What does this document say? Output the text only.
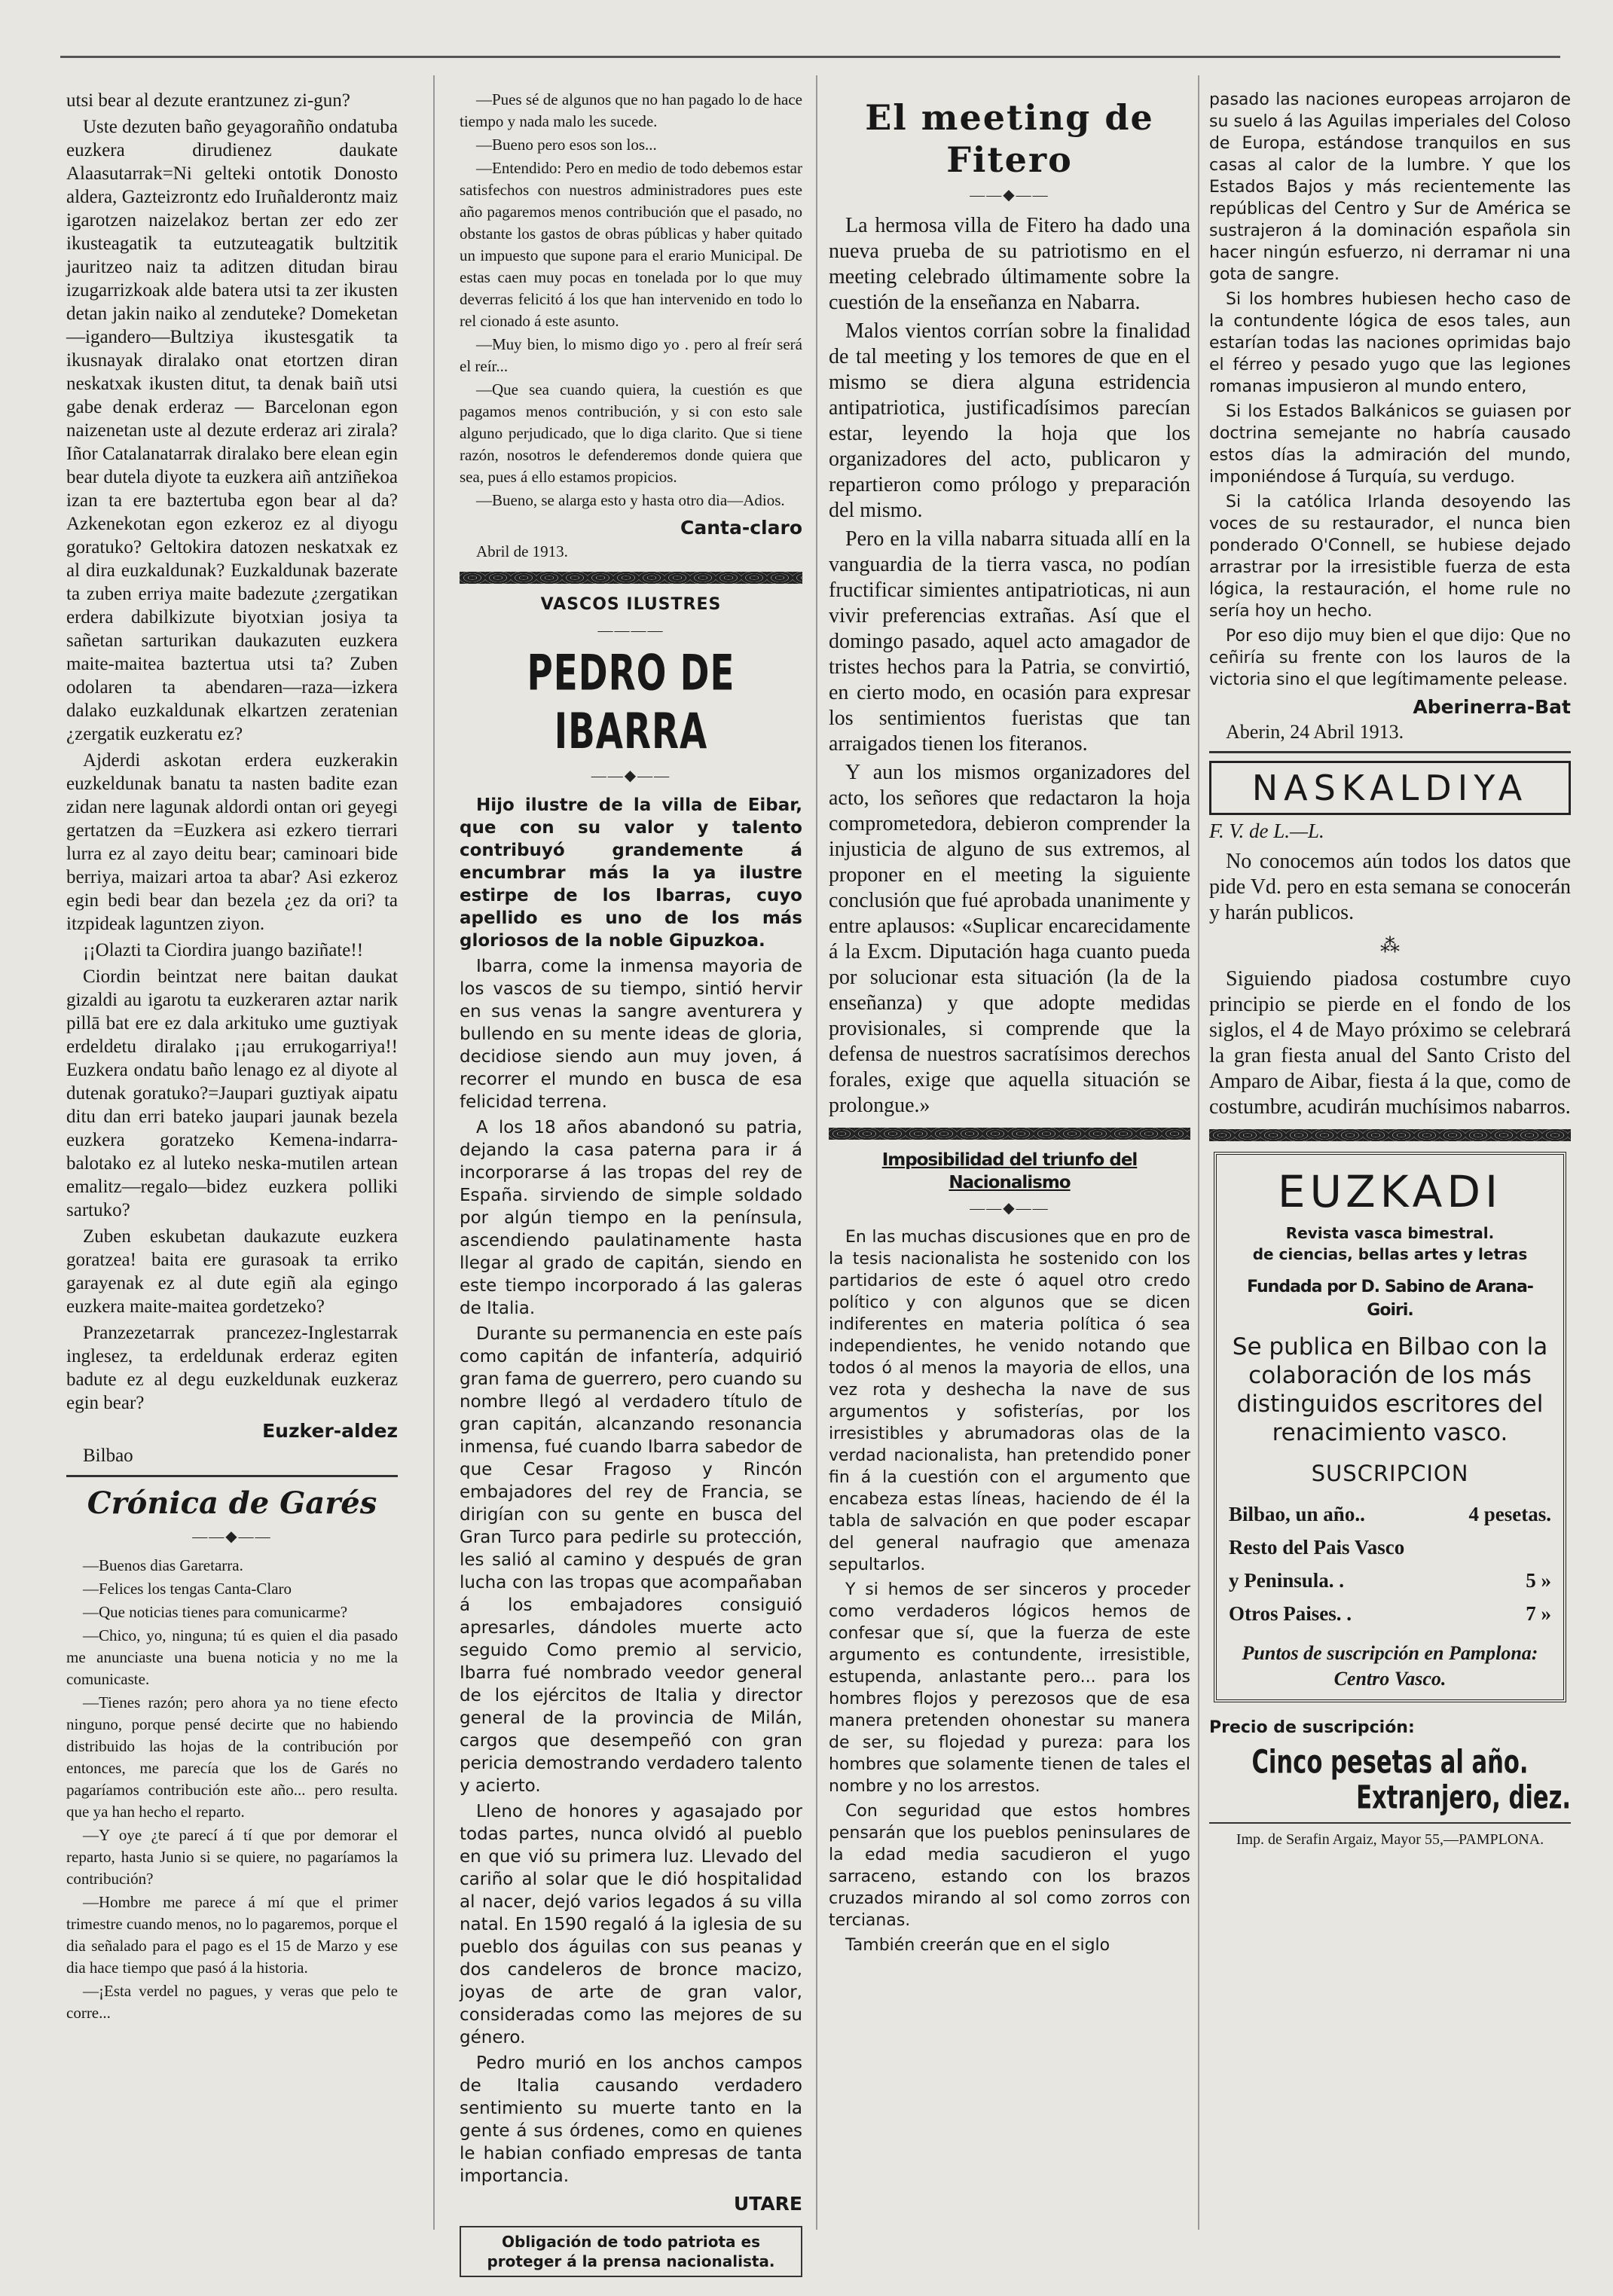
utsi bear al dezute erantzunez zi-gun?

Uste dezuten baño geyagorañño ondatuba euzkera dirudienez daukate Alaasutarrak=Ni gelteki ontotik Donosto aldera, Gazteizrontz edo Iruñalderontz maiz igarotzen naizelakoz bertan zer edo zer ikusteagatik ta eutzuteagatik bultzitik jauritzeo naiz ta aditzen ditudan birau izugarrizkoak alde batera utsi ta zer ikusten detan jakin naiko al zenduteke? Domeketan—igandero—Bultziya ikustesgatik ta ikusnayak diralako onat etortzen diran neskatxak ikusten ditut, ta denak baiñ utsi gabe denak erderaz — Barcelonan egon naizenetan uste al dezute erderaz ari zirala? Iñor Catalanatarrak diralako bere elean egin bear dutela diyote ta euzkera aiñ antziñekoa izan ta ere baztertuba egon bear al da? Azkenekotan egon ezkeroz ez al diyogu goratuko? Geltokira datozen neskatxak ez al dira euzkaldunak? Euzkaldunak bazerate ta zuben erriya maite badezute ¿zergatikan erdera dabilkizute biyotxian josiya ta sañetan sarturikan daukazuten euzkera maite-maitea baztertua utsi ta? Zuben odolaren ta abendaren—raza—izkera dalako euzkaldunak elkartzen zeratenian ¿zergatik euzkeratu ez?

Ajderdi askotan erdera euzkerakin euzkeldunak banatu ta nasten badite ezan zidan nere lagunak aldordi ontan ori geyegi gertatzen da =Euzkera asi ezkero tierrari lurra ez al zayo deitu bear; caminoari bide berriya, maizari artoa ta abar? Asi ezkeroz egin bedi bear dan bezela ¿ez da ori? ta itzpideak laguntzen ziyon.

¡¡Olazti ta Ciordira juango baziñate!!

Ciordin beintzat nere baitan daukat gizaldi au igarotu ta euzkeraren aztar narik pillā bat ere ez dala arkituko ume guztiyak erdeldetu diralako ¡¡au errukogarriya!! Euzkera ondatu baño lenago ez al diyote al dutenak goratuko?=Jaupari guztiyak aipatu ditu dan erri bateko jaupari jaunak bezela euzkera goratzeko Kemena-indarra-balotako ez al luteko neska-mutilen artean emalitz—regalo—bidez euzkera polliki sartuko?

Zuben eskubetan daukazute euzkera goratzea! baita ere gurasoak ta erriko garayenak ez al dute egiñ ala egingo euzkera maite-maitea gordetzeko?

Pranzezetarrak prancezez-Inglestarrak inglesez, ta erdeldunak erderaz egiten badute ez al degu euzkeldunak euzkeraz egin bear?

Euzker-aldez
Bilbao
Crónica de Garés
——◆——

—Buenos dias Garetarra.

—Felices los tengas Canta-Claro

—Que noticias tienes para comunicarme?

—Chico, yo, ninguna; tú es quien el dia pasado me anunciaste una buena noticia y no me la comunicaste.

—Tienes razón; pero ahora ya no tiene efecto ninguno, porque pensé decirte que no habiendo distribuido las hojas de la contribución por entonces, me parecía que los de Garés no pagaríamos contribución este año... pero resulta. que ya han hecho el reparto.

—Y oye ¿te parecí á tí que por demorar el reparto, hasta Junio si se quiere, no pagaríamos la contribución?

—Hombre me parece á mí que el primer trimestre cuando menos, no lo pagaremos, porque el dia señalado para el pago es el 15 de Marzo y ese dia hace tiempo que pasó á la historia.

—¡Esta verdel no pagues, y veras que pelo te corre...

—Pues sé de algunos que no han pagado lo de hace tiempo y nada malo les sucede.

—Bueno pero esos son los...

—Entendido: Pero en medio de todo debemos estar satisfechos con nuestros administradores pues este año pagaremos menos contribución que el pasado, no obstante los gastos de obras públicas y haber quitado un impuesto que supone para el erario Municipal. De estas caen muy pocas en tonelada por lo que muy deverras felicitó á los que han intervenido en todo lo rel cionado á este asunto.

—Muy bien, lo mismo digo yo . pero al freír será el reír...

—Que sea cuando quiera, la cuestión es que pagamos menos contribución, y si con esto sale alguno perjudicado, que lo diga clarito. Que si tiene razón, nosotros le defenderemos donde quiera que sea, pues á ello estamos propicios.

—Bueno, se alarga esto y hasta otro dia—Adios.

Canta-claro
Abril de 1913.
VASCOS ILUSTRES
————
PEDRO DE IBARRA
——◆——

Hijo ilustre de la villa de Eibar, que con su valor y talento contribuyó grandemente á encumbrar más la ya ilustre estirpe de los Ibarras, cuyo apellido es uno de los más gloriosos de la noble Gipuzkoa.

Ibarra, come la inmensa mayoria de los vascos de su tiempo, sintió hervir en sus venas la sangre aventurera y bullendo en su mente ideas de gloria, decidiose siendo aun muy joven, á recorrer el mundo en busca de esa felicidad terrena.

A los 18 años abandonó su patria, dejando la casa paterna para ir á incorporarse á las tropas del rey de España. sirviendo de simple soldado por algún tiempo en la península, ascendiendo paulatinamente hasta llegar al grado de capitán, siendo en este tiempo incorporado á las galeras de Italia.

Durante su permanencia en este país como capitán de infantería, adquirió gran fama de guerrero, pero cuando su nombre llegó al verdadero título de gran capitán, alcanzando resonancia inmensa, fué cuando Ibarra sabedor de que Cesar Fragoso y Rincón embajadores del rey de Francia, se dirigían con su gente en busca del Gran Turco para pedirle su protección, les salió al camino y después de gran lucha con las tropas que acompañaban á los embajadores consiguió apresarles, dándoles muerte acto seguido Como premio al servicio, Ibarra fué nombrado veedor general de los ejércitos de Italia y director general de la provincia de Milán, cargos que desempeñó con gran pericia demostrando verdadero talento y acierto.

Lleno de honores y agasajado por todas partes, nunca olvidó al pueblo en que vió su primera luz. Llevado del cariño al solar que le dió hospitalidad al nacer, dejó varios legados á su villa natal. En 1590 regaló á la iglesia de su pueblo dos águilas con sus peanas y dos candeleros de bronce macizo, joyas de arte de gran valor, consideradas como las mejores de su género.

Pedro murió en los anchos campos de Italia causando verdadero sentimiento su muerte tanto en la gente á sus órdenes, como en quienes le habian confiado empresas de tanta importancia.

UTARE
Obligación de todo patriota es proteger á la prensa nacionalista.
El meeting de Fitero
——◆——

La hermosa villa de Fitero ha dado una nueva prueba de su patriotismo en el meeting celebrado últimamente sobre la cuestión de la enseñanza en Nabarra.

Malos vientos corrían sobre la finalidad de tal meeting y los temores de que en el mismo se diera alguna estridencia antipatriotica, justificadísimos parecían estar, leyendo la hoja que los organizadores del acto, publicaron y repartieron como prólogo y preparación del mismo.

Pero en la villa nabarra situada allí en la vanguardia de la tierra vasca, no podían fructificar simientes antipatrioticas, ni aun vivir preferencias extrañas. Así que el domingo pasado, aquel acto amagador de tristes hechos para la Patria, se convirtió, en cierto modo, en ocasión para expresar los sentimientos fueristas que tan arraigados tienen los fiteranos.

Y aun los mismos organizadores del acto, los señores que redactaron la hoja comprometedora, debieron comprender la injusticia de alguno de sus extremos, al proponer en el meeting la siguiente conclusión que fué aprobada unanimente y entre aplausos: «Suplicar encarecidamente á la Excm. Diputación haga cuanto pueda por solucionar esta situación (la de la enseñanza) y que adopte medidas provisionales, si comprende que la defensa de nuestros sacratísimos derechos forales, exige que aquella situación se prolongue.»

Imposibilidad del triunfo del Nacionalismo
——◆——

En las muchas discusiones que en pro de la tesis nacionalista he sostenido con los partidarios de este ó aquel otro credo político y con algunos que se dicen indiferentes en materia política ó sea independientes, he venido notando que todos ó al menos la mayoria de ellos, una vez rota y deshecha la nave de sus argumentos y sofisterías, por los irresistibles y abrumadoras olas de la verdad nacionalista, han pretendido poner fin á la cuestión con el argumento que encabeza estas líneas, haciendo de él la tabla de salvación en que poder escapar del general naufragio que amenaza sepultarlos.

Y si hemos de ser sinceros y proceder como verdaderos lógicos hemos de confesar que sí, que la fuerza de este argumento es contundente, irresistible, estupenda, anlastante pero... para los hombres flojos y perezosos que de esa manera pretenden ohonestar su manera de ser, su flojedad y pureza: para los hombres que solamente tienen de tales el nombre y no los arrestos.

Con seguridad que estos hombres pensarán que los pueblos peninsulares de la edad media sacudieron el yugo sarraceno, estando con los brazos cruzados mirando al sol como zorros con tercianas.

También creerán que en el siglo

pasado las naciones europeas arrojaron de su suelo á las Aguilas imperiales del Coloso de Europa, estándose tranquilos en sus casas al calor de la lumbre. Y que los Estados Bajos y más recientemente las repúblicas del Centro y Sur de América se sustrajeron á la dominación española sin hacer ningún esfuerzo, ni derramar ni una gota de sangre.

Si los hombres hubiesen hecho caso de la contundente lógica de esos tales, aun estarían todas las naciones oprimidas bajo el férreo y pesado yugo que las legiones romanas impusieron al mundo entero,

Si los Estados Balkánicos se guiasen por doctrina semejante no habría causado estos días la admiración del mundo, imponiéndose á Turquía, su verdugo.

Si la católica Irlanda desoyendo las voces de su restaurador, el nunca bien ponderado O'Connell, se hubiese dejado arrastrar por la irresistible fuerza de esta lógica, la restauración, el home rule no sería hoy un hecho.

Por eso dijo muy bien el que dijo: Que no ceñiría su frente con los lauros de la victoria sino el que legítimamente pelease.

Aberinerra-Bat
Aberin, 24 Abril 1913.
NASKALDIYA
F. V. de L.—L.

No conocemos aún todos los datos que pide Vd. pero en esta semana se conocerán y harán publicos.

⁂

Siguiendo piadosa costumbre cuyo principio se pierde en el fondo de los siglos, el 4 de Mayo próximo se celebrará la gran fiesta anual del Santo Cristo del Amparo de Aibar, fiesta á la que, como de costumbre, acudirán muchísimos nabarros.

EUZKADI
Revista vasca bimestral.
de ciencias, bellas artes y letras
Fundada por D. Sabino de Arana-Goiri.
Se publica en Bilbao con la colaboración de los más distinguidos escritores del renacimiento vasco.
SUSCRIPCION
Bilbao, un año..	4 pesetas.
Resto del Pais Vasco
y Peninsula. .	5 »
Otros Paises. .	7 »
Puntos de suscripción en Pamplona: Centro Vasco.
Precio de suscripción:
Cinco pesetas al año.
Extranjero, diez.
Imp. de Serafin Argaiz, Mayor 55,—PAMPLONA.
